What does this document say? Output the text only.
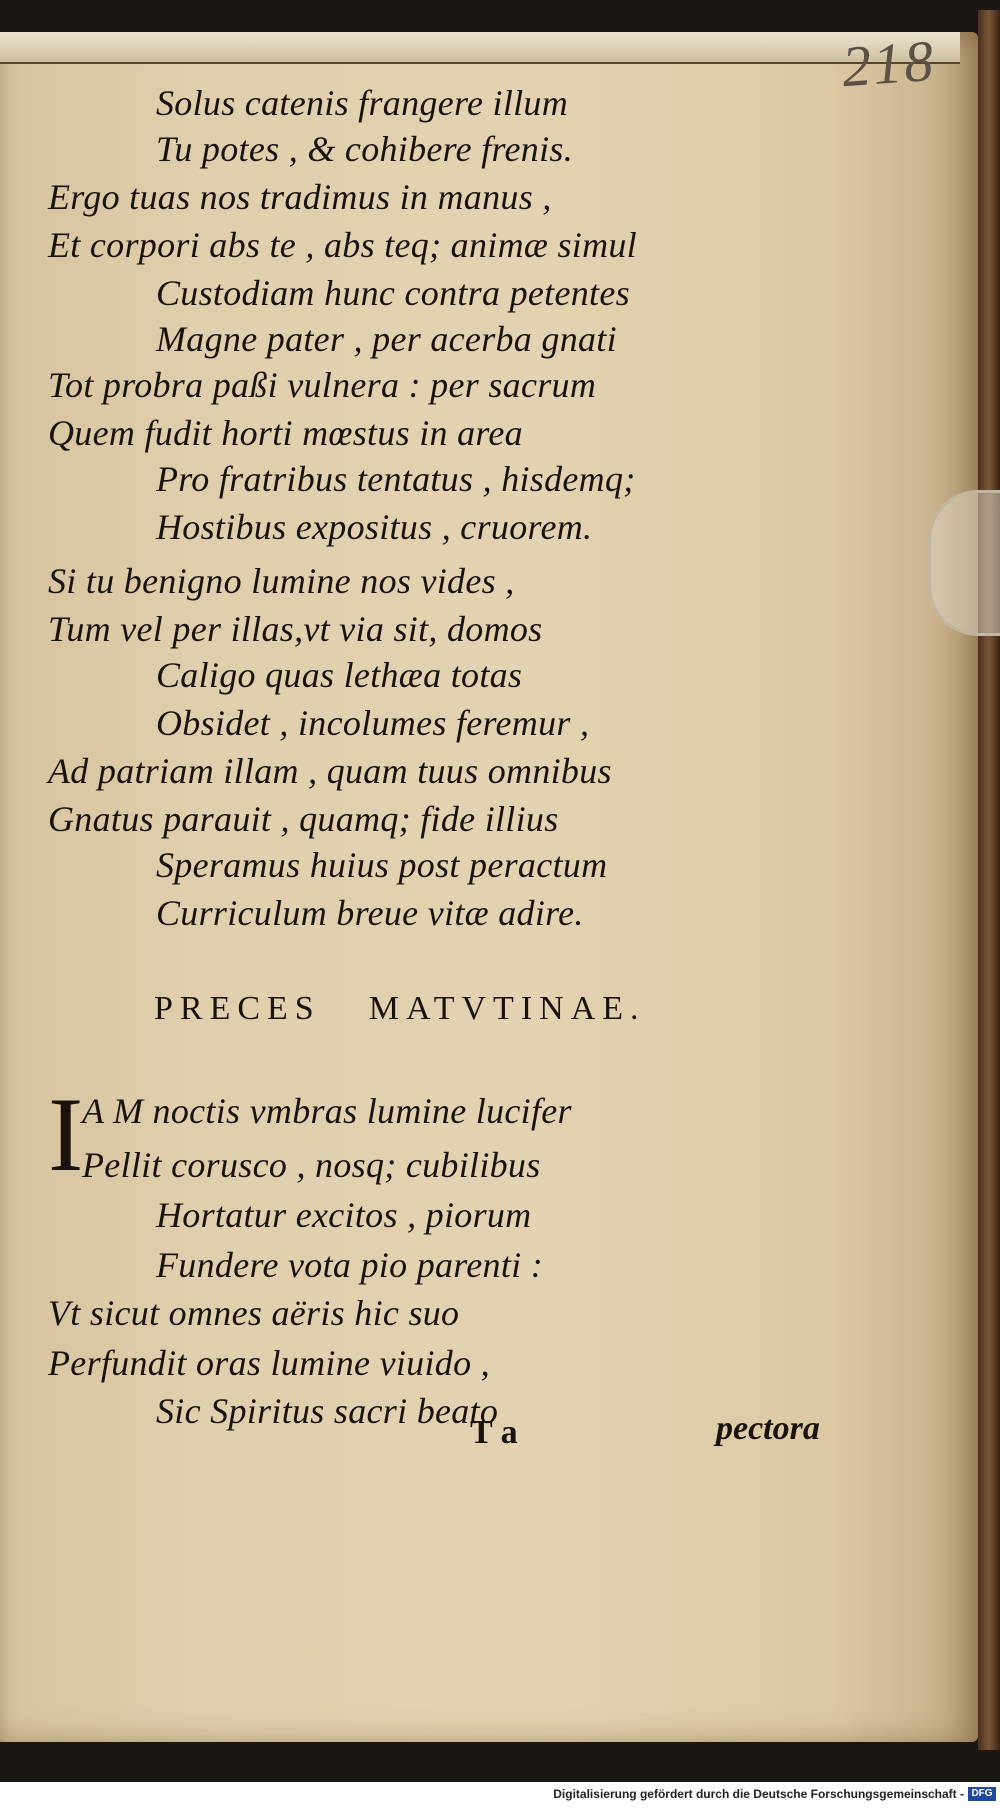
218
Solus catenis frangere illum
Tu potes , & cohibere frenis.
Ergo tuas nos tradimus in manus ,
Et corpori abs te , abs teq; animæ simul
Custodiam hunc contra petentes
Magne pater , per acerba gnati
Tot probra paßi vulnera : per sacrum
Quem fudit horti mœstus in area
Pro fratribus tentatus , hisdemq;
Hostibus expositus , cruorem.
Si tu benigno lumine nos vides ,
Tum vel per illas,vt via sit, domos
Caligo quas lethæa totas
Obsidet , incolumes feremur ,
Ad patriam illam , quam tuus omnibus
Gnatus parauit , quamq; fide illius
Speramus huius post peractum
Curriculum breue vitæ adire.
PRECES MATVTINAE.
I
A M noctis vmbras lumine lucifer
Pellit corusco , nosq; cubilibus
Hortatur excitos , piorum
Fundere vota pio parenti :
Vt sicut omnes aëris hic suo
Perfundit oras lumine viuido ,
Sic Spiritus sacri beato
T a	pectora
Digitalisierung gefördert durch die Deutsche Forschungsgemeinschaft - DFG
